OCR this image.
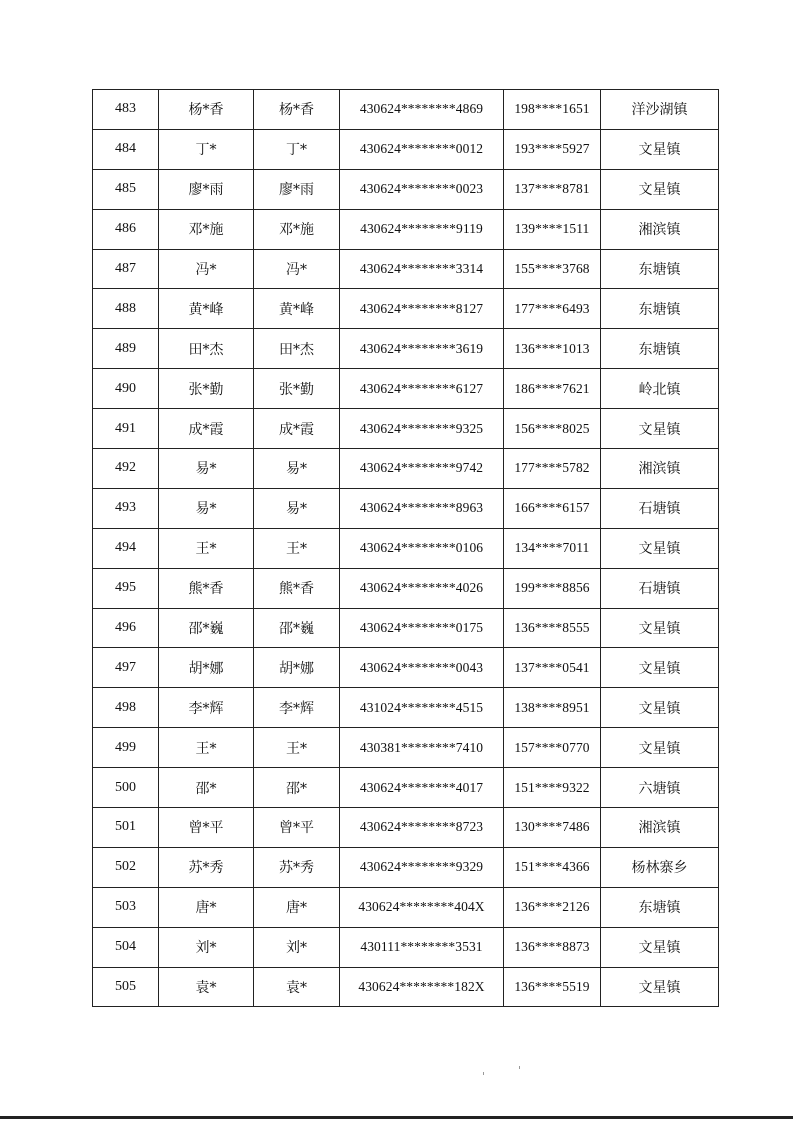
483	杨*香	杨*香	430624********4869	198****1651	洋沙湖镇
484	丁*	丁*	430624********0012	193****5927	文星镇
485	廖*雨	廖*雨	430624********0023	137****8781	文星镇
486	邓*施	邓*施	430624********9119	139****1511	湘滨镇
487	冯*	冯*	430624********3314	155****3768	东塘镇
488	黄*峰	黄*峰	430624********8127	177****6493	东塘镇
489	田*杰	田*杰	430624********3619	136****1013	东塘镇
490	张*勤	张*勤	430624********6127	186****7621	岭北镇
491	成*霞	成*霞	430624********9325	156****8025	文星镇
492	易*	易*	430624********9742	177****5782	湘滨镇
493	易*	易*	430624********8963	166****6157	石塘镇
494	王*	王*	430624********0106	134****7011	文星镇
495	熊*香	熊*香	430624********4026	199****8856	石塘镇
496	邵*巍	邵*巍	430624********0175	136****8555	文星镇
497	胡*娜	胡*娜	430624********0043	137****0541	文星镇
498	李*辉	李*辉	431024********4515	138****8951	文星镇
499	王*	王*	430381********7410	157****0770	文星镇
500	邵*	邵*	430624********4017	151****9322	六塘镇
501	曾*平	曾*平	430624********8723	130****7486	湘滨镇
502	苏*秀	苏*秀	430624********9329	151****4366	杨林寨乡
503	唐*	唐*	430624********404X	136****2126	东塘镇
504	刘*	刘*	430111********3531	136****8873	文星镇
505	袁*	袁*	430624********182X	136****5519	文星镇
